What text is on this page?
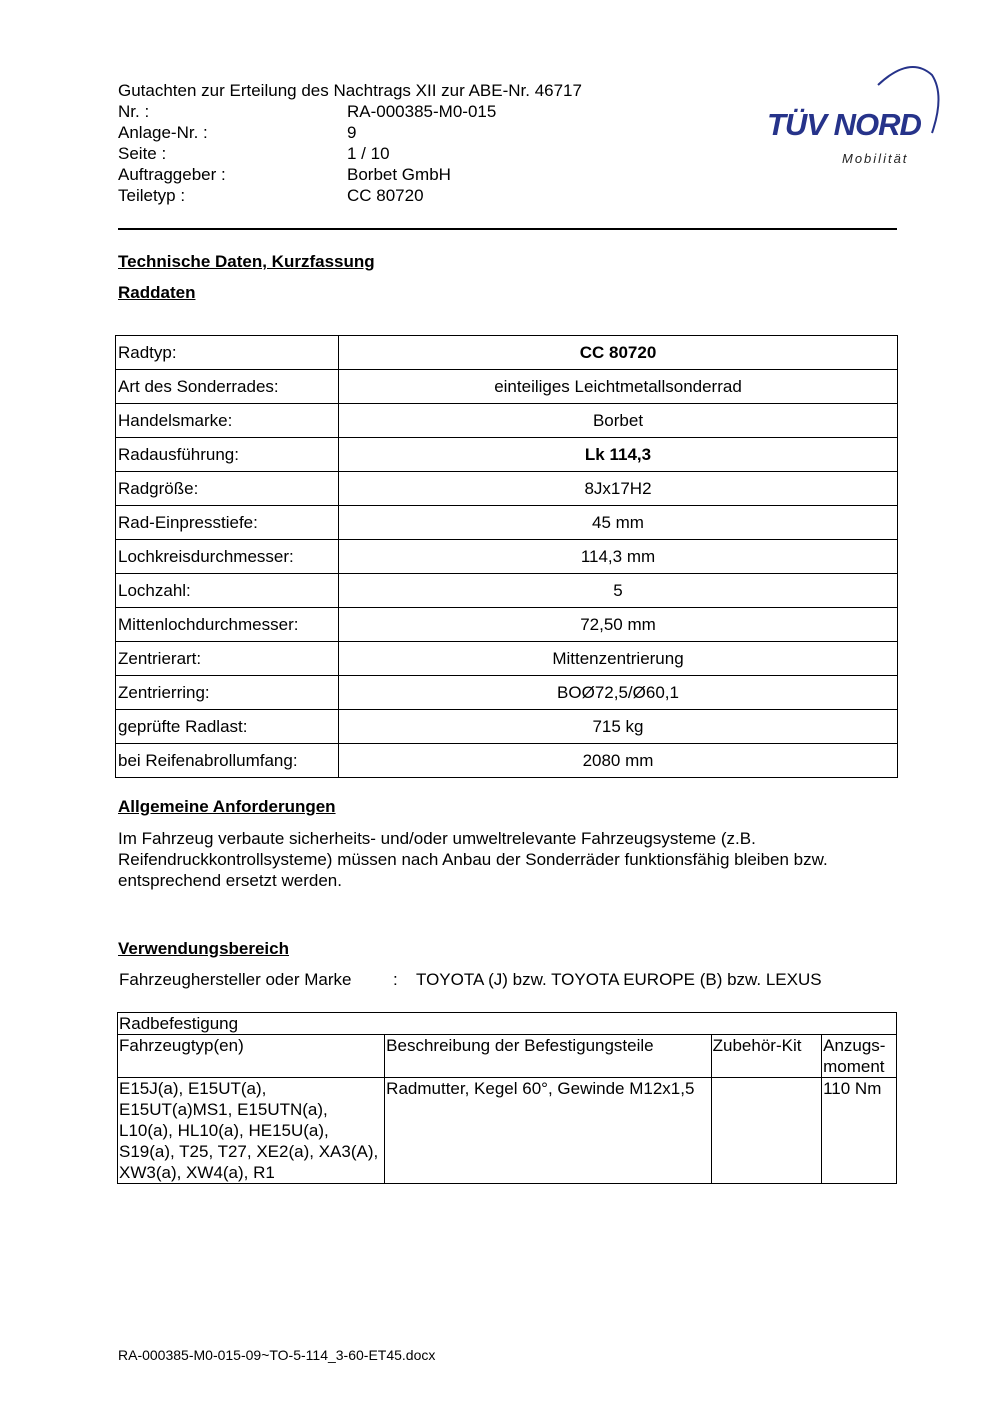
Gutachten zur Erteilung des Nachtrags XII zur ABE-Nr. 46717
Nr. :	RA-000385-M0-015
Anlage-Nr. :	9
Seite :	1 / 10
Auftraggeber :	Borbet GmbH
Teiletyp :	CC 80720
TÜV NORD
Mobilität
Technische Daten, Kurzfassung
Raddaten
Radtyp:	CC 80720
Art des Sonderrades:	einteiliges Leichtmetallsonderrad
Handelsmarke:	Borbet
Radausführung:	Lk 114,3
Radgröße:	8Jx17H2
Rad-Einpresstiefe:	45 mm
Lochkreisdurchmesser:	114,3 mm
Lochzahl:	5
Mittenlochdurchmesser:	72,50 mm
Zentrierart:	Mittenzentrierung
Zentrierring:	BOØ72,5/Ø60,1
geprüfte Radlast:	715 kg
bei Reifenabrollumfang:	2080 mm
Allgemeine Anforderungen
Im Fahrzeug verbaute sicherheits- und/oder umweltrelevante Fahrzeugsysteme (z.B. Reifendruckkontrollsysteme) müssen nach Anbau der Sonderräder funktionsfähig bleiben bzw. entsprechend ersetzt werden.
Verwendungsbereich
Fahrzeughersteller oder Marke	:	TOYOTA (J) bzw. TOYOTA EUROPE (B) bzw. LEXUS
Radbefestigung			
Fahrzeugtyp(en)	Beschreibung der Befestigungsteile	Zubehör-Kit	Anzugs-moment
E15J(a), E15UT(a), E15UT(a)MS1, E15UTN(a), L10(a), HL10(a), HE15U(a), S19(a), T25, T27, XE2(a), XA3(A), XW3(a), XW4(a), R1	Radmutter, Kegel 60°, Gewinde M12x1,5		110 Nm
RA-000385-M0-015-09~TO-5-114_3-60-ET45.docx
